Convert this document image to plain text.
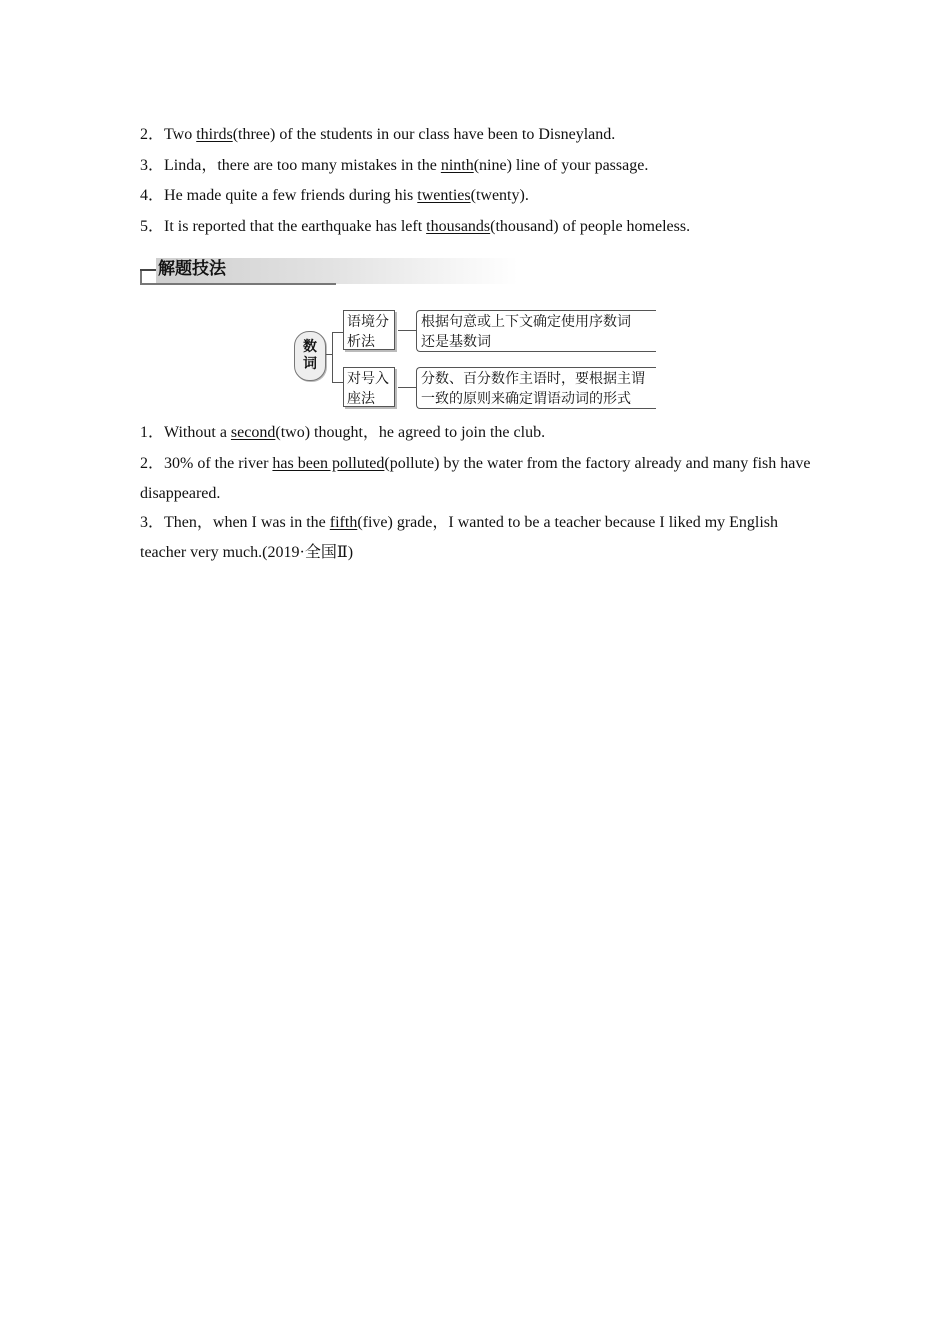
2．Two thirds(three) of the students in our class have been to Disneyland.
3．Linda，there are too many mistakes in the ninth(nine) line of your passage.
4．He made quite a few friends during his twenties(twenty).
5．It is reported that the earthquake has left thousands(thousand) of people homeless.
解题技法
数
词
语境分
析法
根据句意或上下文确定使用序数词
还是基数词
对号入
座法
分数、百分数作主语时，要根据主谓
一致的原则来确定谓语动词的形式
1．Without a second(two) thought，he agreed to join the club.
2．30% of the river has been polluted(pollute) by the water from the factory already and many fish have disappeared.
3．Then，when I was in the fifth(five) grade，I wanted to be a teacher because I liked my English teacher very much.(2019·全国Ⅱ)
